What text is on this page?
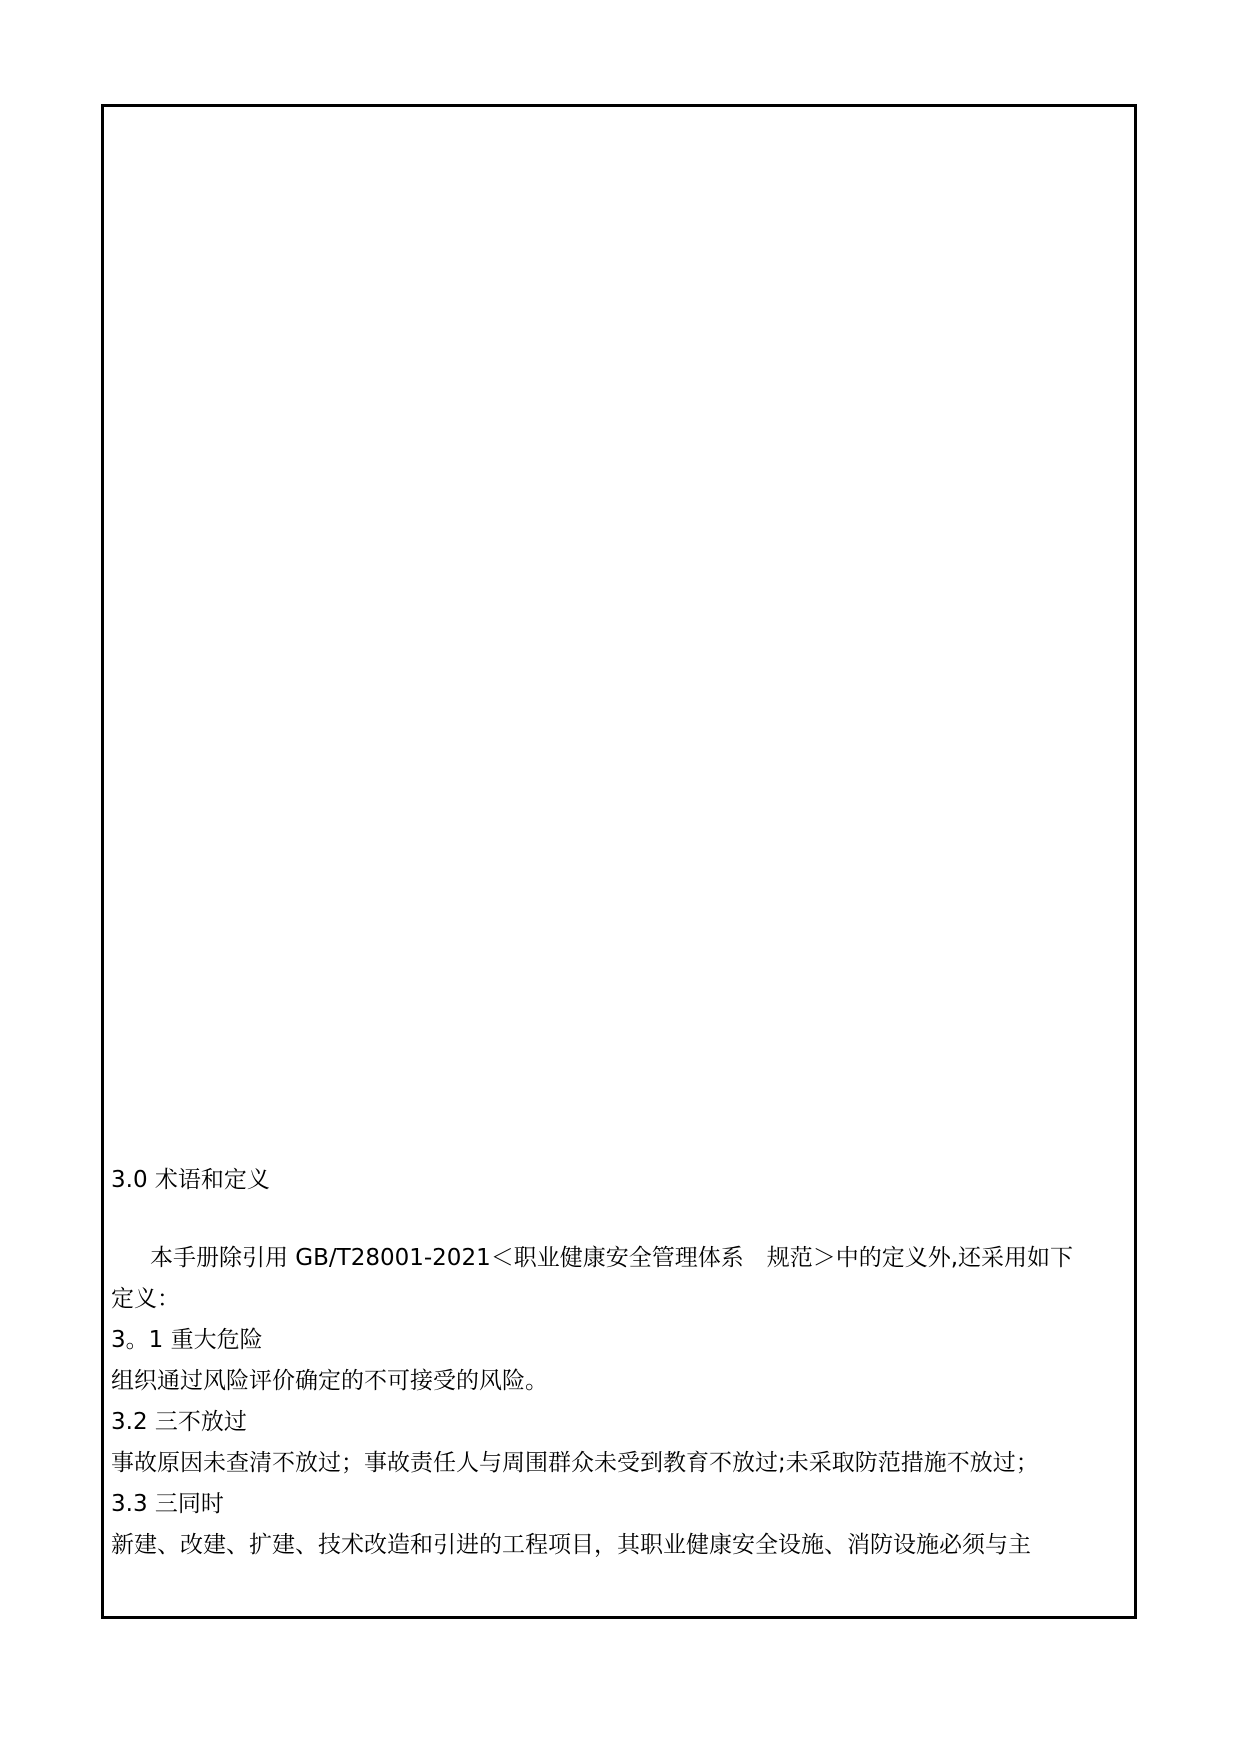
3.0 术语和定义
本手册除引用 GB/T28001-2021＜职业健康安全管理体系　规范＞中的定义外,还采用如下
定义：
3。1 重大危险
组织通过风险评价确定的不可接受的风险。
3.2 三不放过
事故原因未查清不放过；事故责任人与周围群众未受到教育不放过;未采取防范措施不放过；
3.3 三同时
新建、改建、扩建、技术改造和引进的工程项目，其职业健康安全设施、消防设施必须与主
